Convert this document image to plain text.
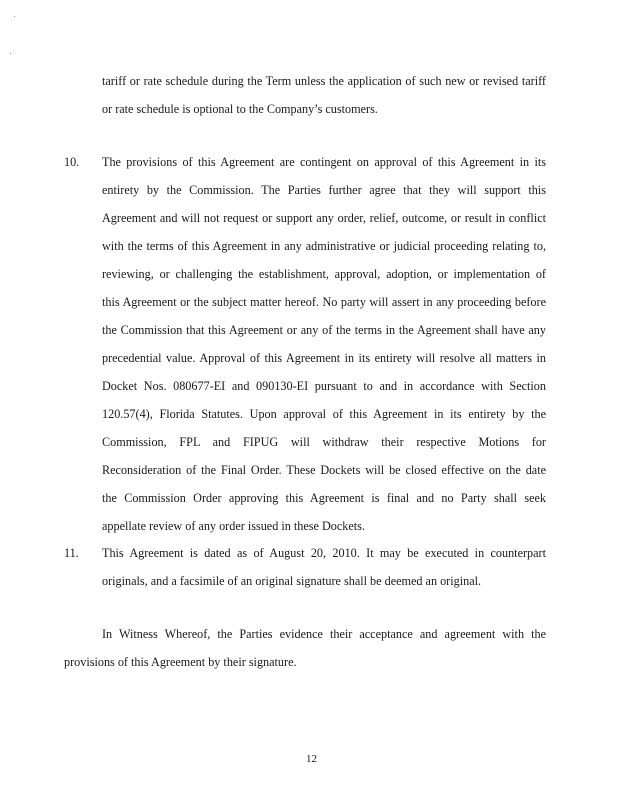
tariff or rate schedule during the Term unless the application of such new or revised tariff
or rate schedule is optional to the Company’s customers.
10. The provisions of this Agreement are contingent on approval of this Agreement in its
entirety by the Commission. The Parties further agree that they will support this
Agreement and will not request or support any order, relief, outcome, or result in conflict
with the terms of this Agreement in any administrative or judicial proceeding relating to,
reviewing, or challenging the establishment, approval, adoption, or implementation of
this Agreement or the subject matter hereof. No party will assert in any proceeding before
the Commission that this Agreement or any of the terms in the Agreement shall have any
precedential value. Approval of this Agreement in its entirety will resolve all matters in
Docket Nos. 080677-EI and 090130-EI pursuant to and in accordance with Section
120.57(4), Florida Statutes. Upon approval of this Agreement in its entirety by the
Commission, FPL and FIPUG will withdraw their respective Motions for
Reconsideration of the Final Order. These Dockets will be closed effective on the date
the Commission Order approving this Agreement is final and no Party shall seek
appellate review of any order issued in these Dockets.
11. This Agreement is dated as of August 20, 2010. It may be executed in counterpart
originals, and a facsimile of an original signature shall be deemed an original.
In Witness Whereof, the Parties evidence their acceptance and agreement with the
provisions of this Agreement by their signature.
12
